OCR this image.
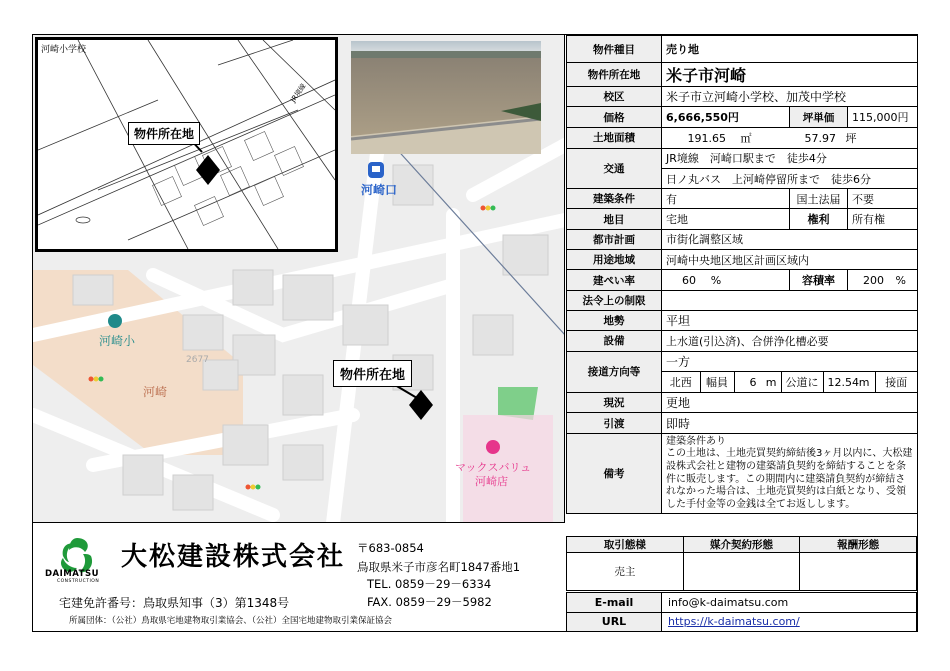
河崎口
河崎小
河崎
2677
マックスバリュ
河崎店
物件所在地
河崎小学校
JR境線
物件所在地
物件種目	売り地
物件所在地	米子市河崎
校区	米子市立河崎小学校、加茂中学校
価格	6,666,550円	坪単価	115,000円
土地面積	191.65 ㎡	57.97 坪
交通	JR境線　河崎口駅まで　徒歩4分
日ノ丸バス　上河崎停留所まで　徒歩6分
建築条件	有	国土法届	不要
地目	宅地	権利	所有権
都市計画	市街化調整区域
用途地域	河崎中央地区地区計画区域内
建ぺい率	60 %	容積率	200 %
法令上の制限	
地勢	平坦
設備	上水道(引込済)、合併浄化槽必要
接道方向等	一方

北西	幅員	6 m	公道に	12.54m	接面

現況	更地
引渡	即時
備考	建築条件あり
この土地は、土地売買契約締結後3ヶ月以内に、大松建設株式会社と建物の建築請負契約を締結することを条件に販売します。この期間内に建築請負契約が締結されなかった場合は、土地売買契約は白紙となり、受領した手付金等の金銭は全てお返しします。
DAIMATSU
CONSTRUCTION
大松建設株式会社 〒683-0854
鳥取県米子市彦名町1847番地1
TEL. 0859－29－6334
FAX. 0859－29－5982
宅建免許番号：鳥取県知事（3）第1348号
所属団体：（公社）鳥取県宅地建物取引業協会、（公社）全国宅地建物取引業保証協会
取引態様	媒介契約形態	報酬形態
売主		
E-mail	info@k-daimatsu.com
URL	https://k-daimatsu.com/
